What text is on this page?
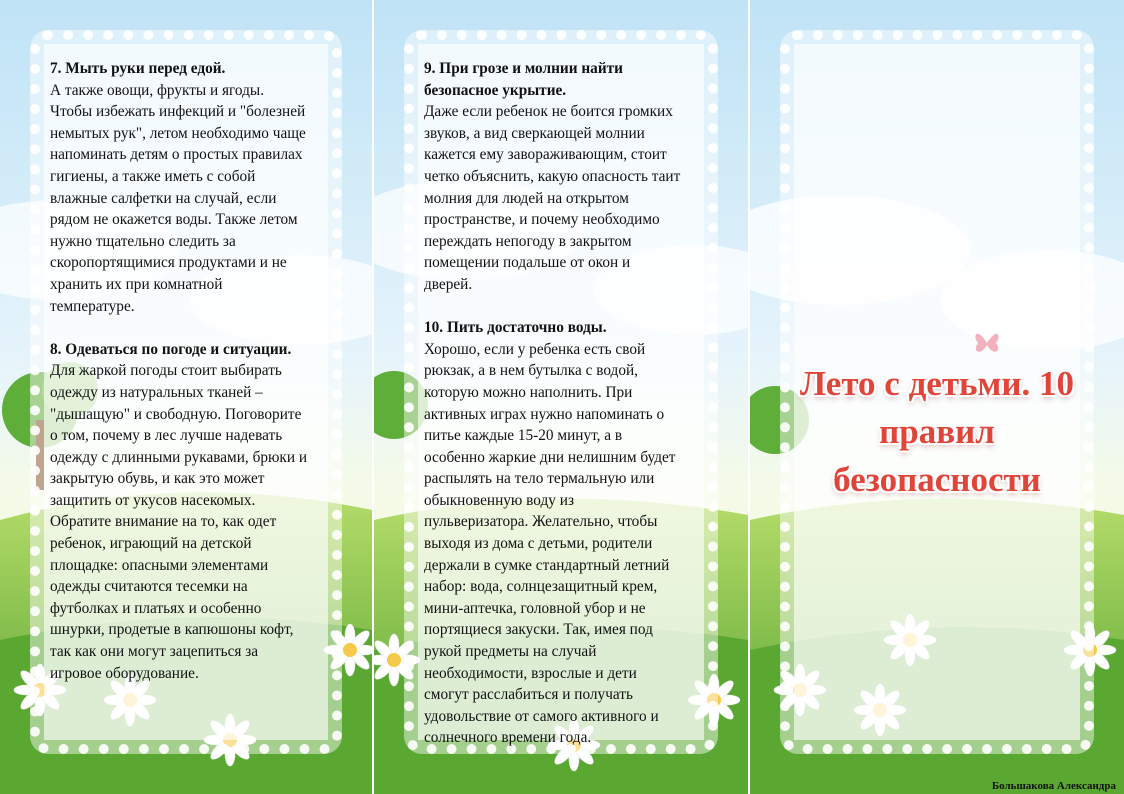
7. Мыть руки перед едой.

А также овощи, фрукты и ягоды.

Чтобы избежать инфекций и "болезней

немытых рук", летом необходимо чаще

напоминать детям о простых правилах

гигиены, а также иметь с собой

влажные салфетки на случай, если

рядом не окажется воды. Также летом

нужно тщательно следить за

скоропортящимися продуктами и не

хранить их при комнатной

температуре.

8. Одеваться по погоде и ситуации.

Для жаркой погоды стоит выбирать

одежду из натуральных тканей –

"дышащую" и свободную. Поговорите

о том, почему в лес лучше надевать

одежду с длинными рукавами, брюки и

закрытую обувь, и как это может

защитить от укусов насекомых.

Обратите внимание на то, как одет

ребенок, играющий на детской

площадке: опасными элементами

одежды считаются тесемки на

футболках и платьях и особенно

шнурки, продетые в капюшоны кофт,

так как они могут зацепиться за

игровое оборудование.

9. При грозе и молнии найти

безопасное укрытие.

Даже если ребенок не боится громких

звуков, а вид сверкающей молнии

кажется ему завораживающим, стоит

четко объяснить, какую опасность таит

молния для людей на открытом

пространстве, и почему необходимо

переждать непогоду в закрытом

помещении подальше от окон и

дверей.

10. Пить достаточно воды.

Хорошо, если у ребенка есть свой

рюкзак, а в нем бутылка с водой,

которую можно наполнить. При

активных играх нужно напоминать о

питье каждые 15-20 минут, а в

особенно жаркие дни нелишним будет

распылять на тело термальную или

обыкновенную воду из

пульверизатора. Желательно, чтобы

выходя из дома с детьми, родители

держали в сумке стандартный летний

набор: вода, солнцезащитный крем,

мини-аптечка, головной убор и не

портящиеся закуски. Так, имея под

рукой предметы на случай

необходимости, взрослые и дети

смогут расслабиться и получать

удовольствие от самого активного и

солнечного времени года.

Лето с детьми. 10
правил
безопасности
Большакова Александра
